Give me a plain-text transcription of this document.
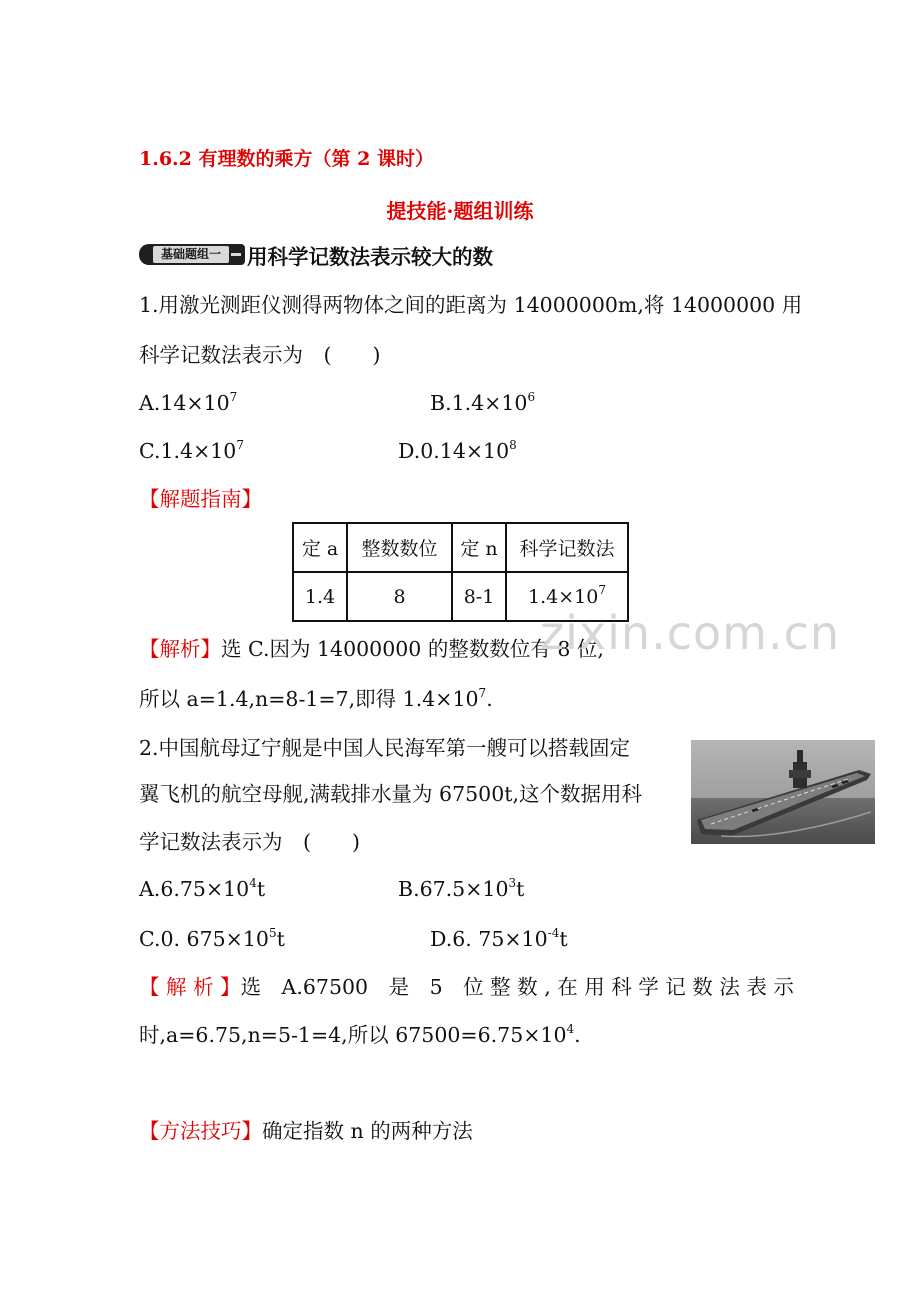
1.6.2 有理数的乘方（第 2 课时）
提技能·题组训练
基础题组一	用科学记数法表示较大的数
1.用激光测距仪测得两物体之间的距离为 14000000m,将 14000000 用
科学记数法表示为　(　　)
$A.14\times 10^7$	$B.1.4\times 10^6$
$C.1.4\times 10^7$	$D.0.14\times 10^8$
【解题指南】
定 a	整数数位	定 n	科学记数法
1.4	8	8-1	$1.4\times 10^7$
【解析】选 C.因为 14000000 的整数数位有 8 位,
所以 a=1.4,n=8-1=7,即得 $1.4\times 10^7$.
zixin.com.cn
2.中国航母辽宁舰是中国人民海军第一艘可以搭载固定
翼飞机的航空母舰,满载排水量为 67500t,这个数据用科
学记数法表示为　(　　)
$A.6.75\times 10^4t$	$B.67.5\times 10^3t$
C.0. $675\times 10^5t$	D.6. $75\times 10^{-4}t$
【 解 析 】选　A.67500　是　5　位 整 数 , 在 用 科 学 记 数 法 表 示
时,a=6.75,n=5-1=4,所以 $67500=6.75\times 10^4$.
【方法技巧】确定指数 n 的两种方法
